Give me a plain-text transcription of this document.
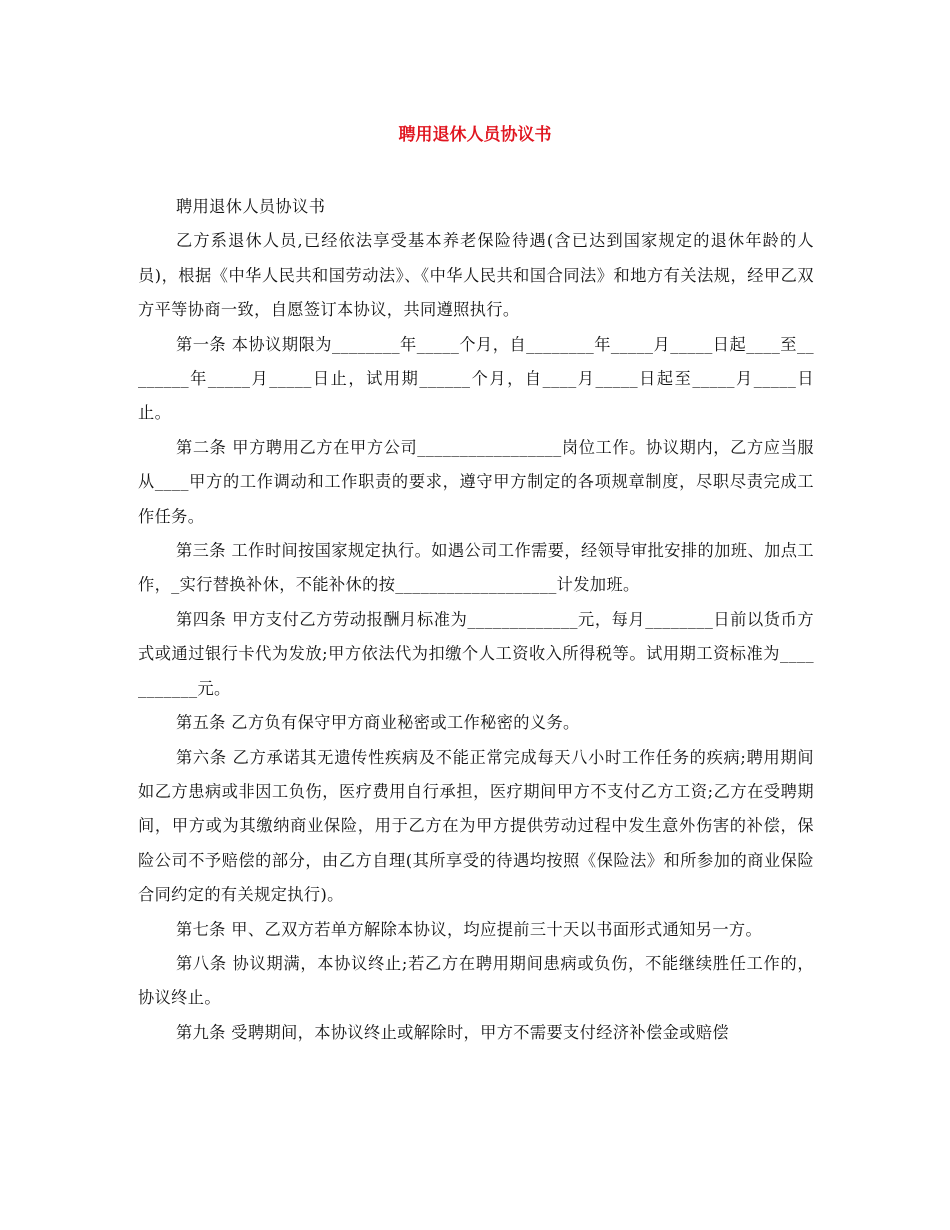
聘用退休人员协议书

聘用退休人员协议书

乙方系退休人员,已经依法享受基本养老保险待遇(含已达到国家规定的退休年龄的人员)，根据《中华人民共和国劳动法》、《中华人民共和国合同法》和地方有关法规，经甲乙双方平等协商一致，自愿签订本协议，共同遵照执行。

第一条 本协议期限为________年_____个月，自________年_____月_____日起____至________年_____月_____日止，试用期______个月，自____月_____日起至_____月_____日止。

第二条 甲方聘用乙方在甲方公司_________________岗位工作。协议期内，乙方应当服从____甲方的工作调动和工作职责的要求，遵守甲方制定的各项规章制度，尽职尽责完成工作任务。

第三条 工作时间按国家规定执行。如遇公司工作需要，经领导审批安排的加班、加点工作，_实行替换补休，不能补休的按___________________计发加班。

第四条 甲方支付乙方劳动报酬月标准为_____________元，每月________日前以货币方式或通过银行卡代为发放;甲方依法代为扣缴个人工资收入所得税等。试用期工资标准为___________元。

第五条 乙方负有保守甲方商业秘密或工作秘密的义务。

第六条 乙方承诺其无遗传性疾病及不能正常完成每天八小时工作任务的疾病;聘用期间如乙方患病或非因工负伤，医疗费用自行承担，医疗期间甲方不支付乙方工资;乙方在受聘期间，甲方或为其缴纳商业保险，用于乙方在为甲方提供劳动过程中发生意外伤害的补偿，保险公司不予赔偿的部分，由乙方自理(其所享受的待遇均按照《保险法》和所参加的商业保险合同约定的有关规定执行)。

第七条 甲、乙双方若单方解除本协议，均应提前三十天以书面形式通知另一方。

第八条 协议期满，本协议终止;若乙方在聘用期间患病或负伤，不能继续胜任工作的，协议终止。

第九条 受聘期间，本协议终止或解除时，甲方不需要支付经济补偿金或赔偿
